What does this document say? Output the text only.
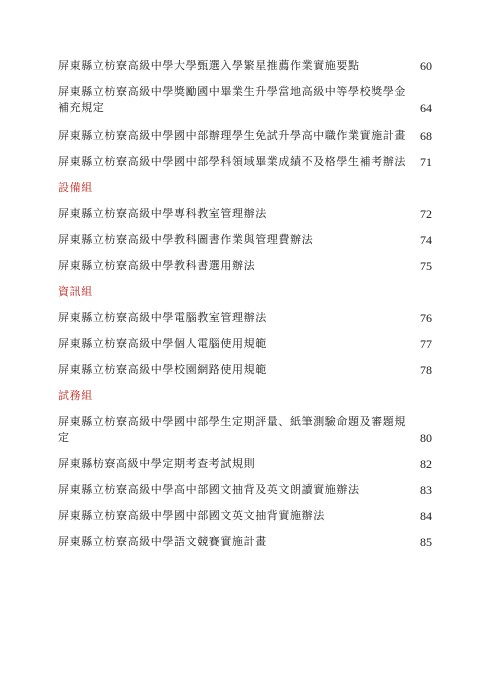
屏東縣立枋寮高級中學大學甄選入學繁星推薦作業實施要點	60
屏東縣立枋寮高級中學獎勵國中畢業生升學當地高級中等學校獎學金補充規定	64
屏東縣立枋寮高級中學國中部辦理學生免試升學高中職作業實施計畫	68
屏東縣立枋寮高級中學國中部學科領域畢業成績不及格學生補考辦法	71
設備組
屏東縣立枋寮高級中學專科教室管理辦法	72
屏東縣立枋寮高級中學教科圖書作業與管理費辦法	74
屏東縣立枋寮高級中學教科書選用辦法	75
資訊組
屏東縣立枋寮高級中學電腦教室管理辦法	76
屏東縣立枋寮高級中學個人電腦使用規範	77
屏東縣立枋寮高級中學校園網路使用規範	78
試務組
屏東縣立枋寮高級中學國中部學生定期評量、紙筆測驗命題及審題規定	80
屏東縣枋寮高級中學定期考查考試規則	82
屏東縣立枋寮高級中學高中部國文抽背及英文朗讀實施辦法	83
屏東縣立枋寮高級中學國中部國文英文抽背實施辦法	84
屏東縣立枋寮高級中學語文競賽實施計畫	85
